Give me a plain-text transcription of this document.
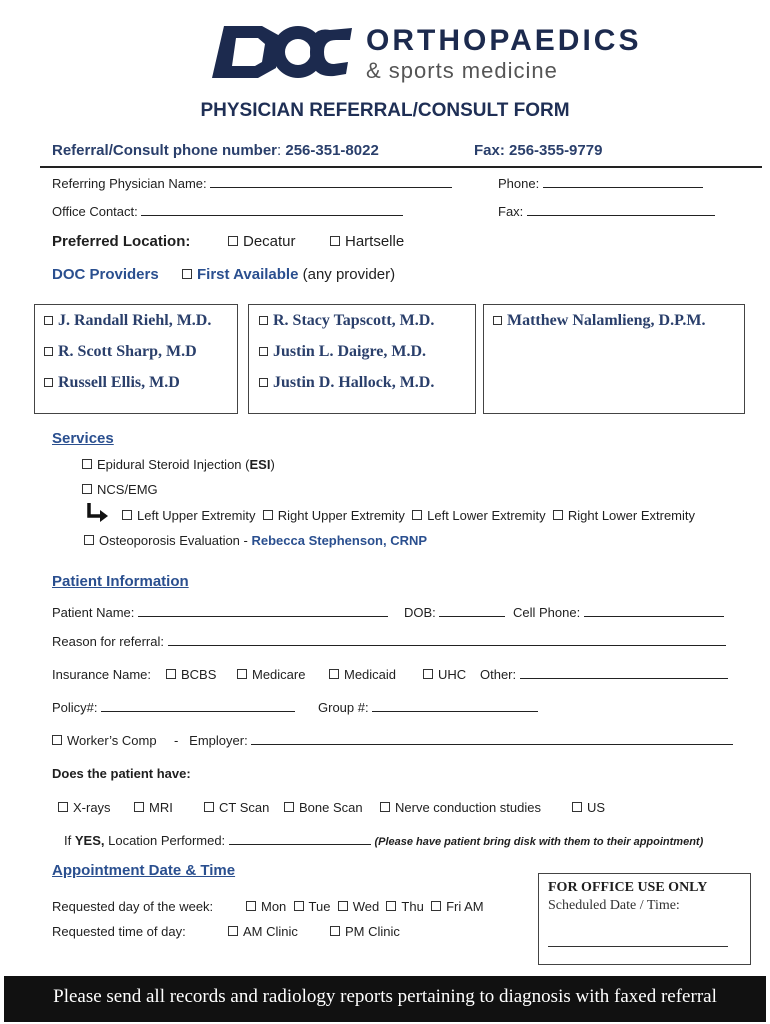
ORTHOPAEDICS
& sports medicine
PHYSICIAN REFERRAL/CONSULT FORM
Referral/Consult phone number: 256-351-8022	Fax: 256-355-9779
Referring Physician Name:	Phone:
Office Contact:	Fax:
Preferred Location:	Decatur	Hartselle
DOC Providers	First Available (any provider)
J. Randall Riehl, M.D.
R. Scott Sharp, M.D
Russell Ellis, M.D
R. Stacy Tapscott, M.D.
Justin L. Daigre, M.D.
Justin D. Hallock, M.D.
Matthew Nalamlieng, D.P.M.
Services
Epidural Steroid Injection (ESI)
NCS/EMG
Left Upper Extremity Right Upper Extremity Left Lower Extremity Right Lower Extremity
Osteoporosis Evaluation - Rebecca Stephenson, CRNP
Patient Information
Patient Name:	DOB:	Cell Phone:
Reason for referral:
Insurance Name:	BCBS	Medicare	Medicaid	UHC Other:
Policy#:	Group #:
Worker’s Comp -   Employer:
Does the patient have:
X-rays	MRI	CT Scan	Bone Scan	Nerve conduction studies	US
If YES, Location Performed:	(Please have patient bring disk with them to their appointment)
Appointment Date & Time
Requested day of the week:	Mon Tue Wed Thu Fri AM
Requested time of day:	AM Clinic	PM Clinic
FOR OFFICE USE ONLY
Scheduled Date / Time:
Please send all records and radiology reports pertaining to diagnosis with faxed referral
